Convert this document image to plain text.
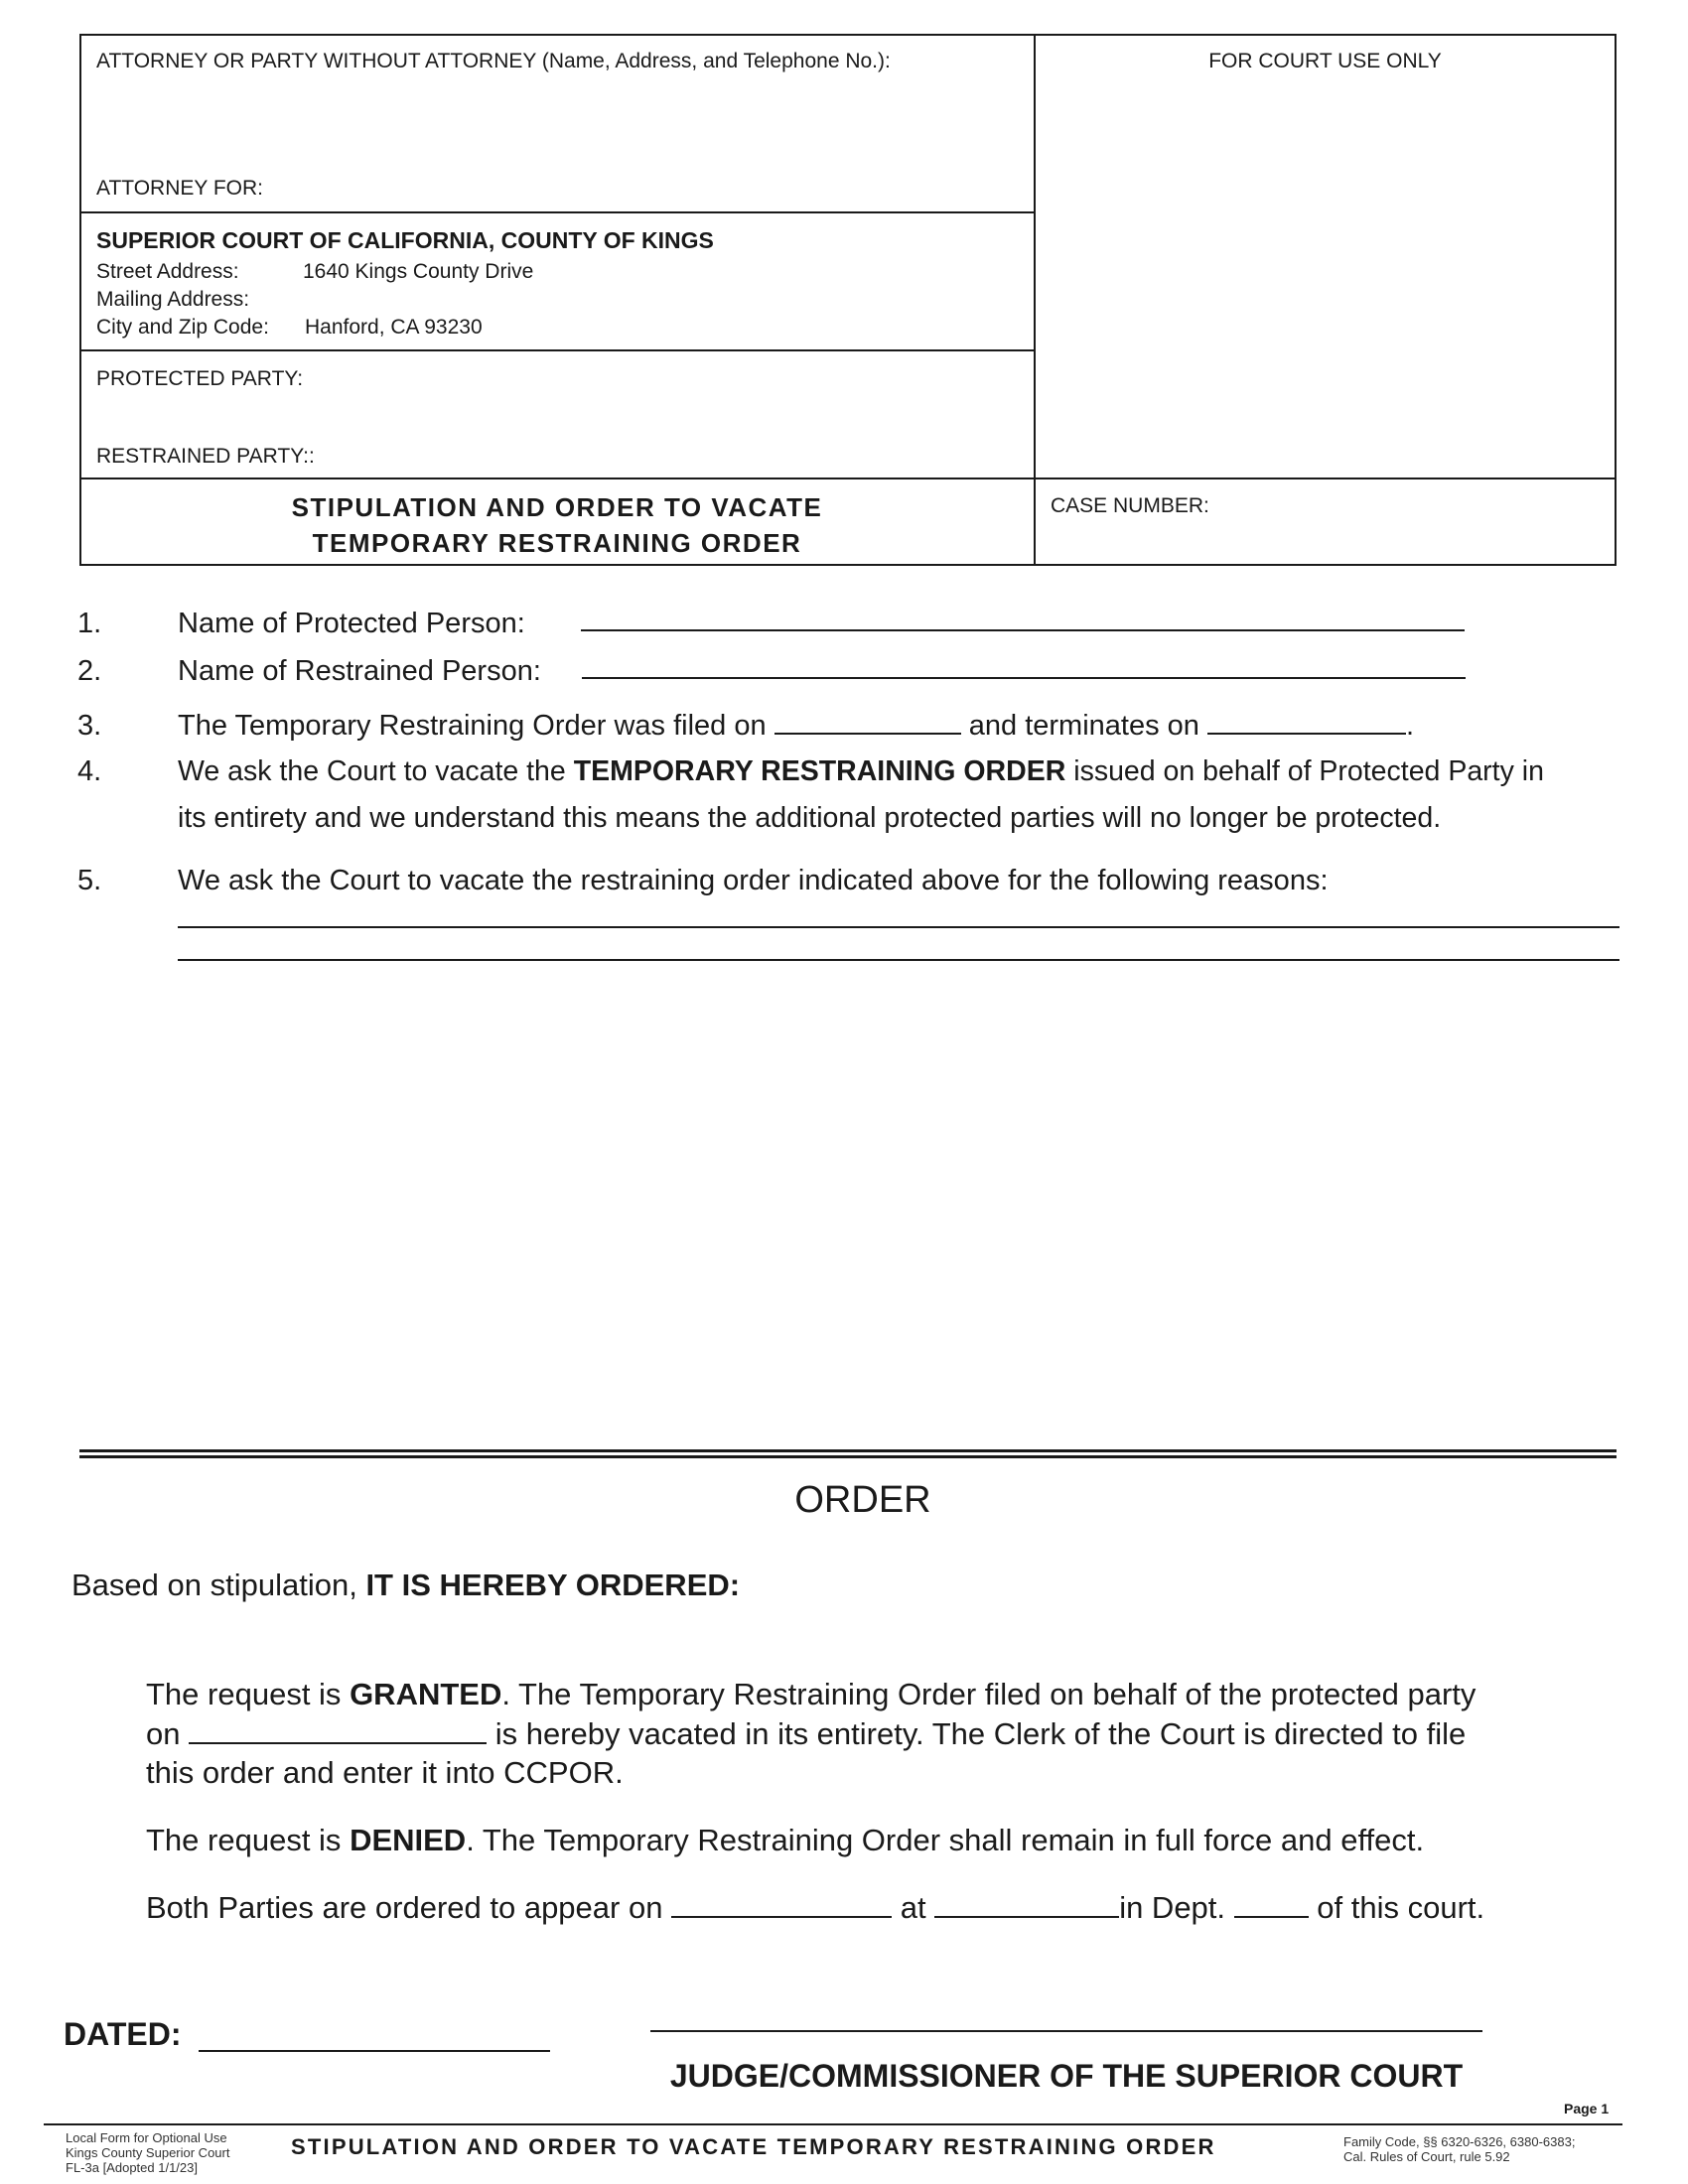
ATTORNEY OR PARTY WITHOUT ATTORNEY (Name, Address, and Telephone No.):
ATTORNEY FOR:
FOR COURT USE ONLY
SUPERIOR COURT OF CALIFORNIA, COUNTY OF KINGS
Street Address:	1640 Kings County Drive
Mailing Address:
City and Zip Code: Hanford, CA 93230
PROTECTED PARTY:
RESTRAINED PARTY::
STIPULATION AND ORDER TO VACATE
TEMPORARY RESTRAINING ORDER
CASE NUMBER:
1.	Name of Protected Person:
2.	Name of Restrained Person:
3.	The Temporary Restraining Order was filed on	and terminates on	.
4.	We ask the Court to vacate the TEMPORARY RESTRAINING ORDER issued on behalf of Protected Party in
its entirety and we understand this means the additional protected parties will no longer be protected.
5.	We ask the Court to vacate the restraining order indicated above for the following reasons:
ORDER
Based on stipulation, IT IS HEREBY ORDERED:
The request is GRANTED. The Temporary Restraining Order filed on behalf of the protected party
on	is hereby vacated in its entirety. The Clerk of the Court is directed to file
this order and enter it into CCPOR.
The request is DENIED. The Temporary Restraining Order shall remain in full force and effect.
Both Parties are ordered to appear on	at	in Dept.	of this court.
DATED:
JUDGE/COMMISSIONER OF THE SUPERIOR COURT
Page 1
Local Form for Optional Use
Kings County Superior Court
FL-3a [Adopted 1/1/23]
STIPULATION AND ORDER TO VACATE TEMPORARY RESTRAINING ORDER	Family Code, §§ 6320-6326, 6380-6383;
Cal. Rules of Court, rule 5.92
